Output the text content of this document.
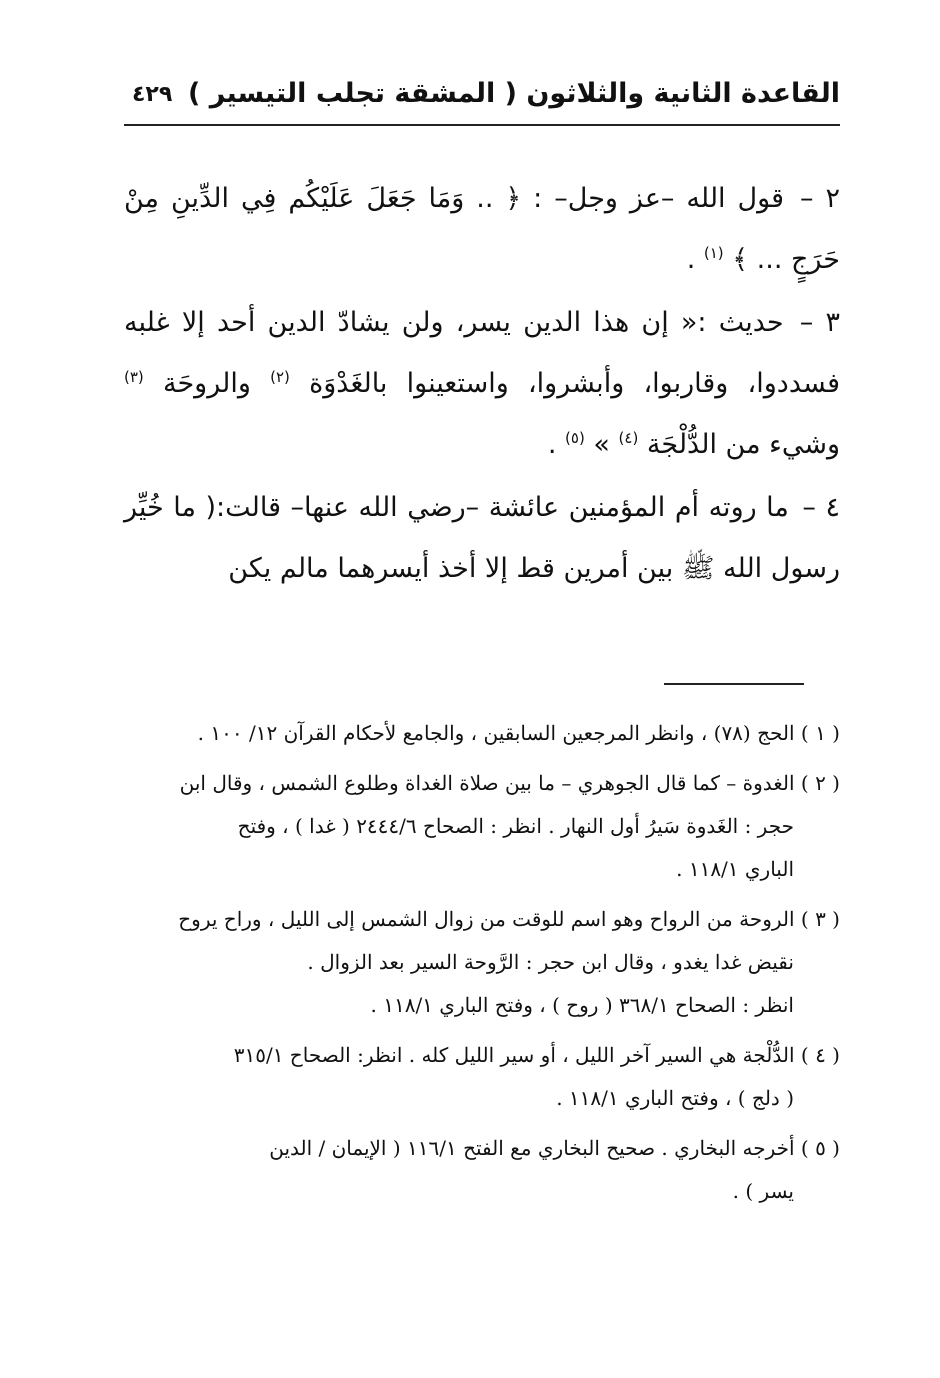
القاعدة الثانية والثلاثون ( المشقة تجلب التيسير )
٤٢٩

٢ – قول الله –عز وجل– : ﴿ .. وَمَا جَعَلَ عَلَيْكُم فِي الدِّينِ مِنْ حَرَجٍ ... ﴾ $^{(١)}$ .

٣ – حديث :« إن هذا الدين يسر، ولن يشادّ الدين أحد إلا غلبه فسددوا، وقاربوا، وأبشروا، واستعينوا بالغَدْوَة $^{(٢)}$ والروحَة $^{(٣)}$ وشيء من الدُّلْجَة $^{(٤)}$ » $^{(٥)}$ .

٤ – ما روته أم المؤمنين عائشة –رضي الله عنها– قالت:( ما خُيِّر رسول الله ﷺ بين أمرين قط إلا أخذ أيسرهما مالم يكن

( ١ ) الحج (٧٨) ، وانظر المرجعين السابقين ، والجامع لأحكام القرآن ١٢/ ١٠٠ .
( ٢ ) الغدوة – كما قال الجوهري – ما بين صلاة الغداة وطلوع الشمس ، وقال ابن
حجر : الغَدوة سَيرُ أول النهار . انظر : الصحاح ٢٤٤٤/٦ ( غدا ) ، وفتح
الباري ١١٨/١ .
( ٣ ) الروحة من الرواح وهو اسم للوقت من زوال الشمس إلى الليل ، وراح يروح
نقيض غدا يغدو ، وقال ابن حجر : الرَّوحة السير بعد الزوال .
انظر : الصحاح ٣٦٨/١ ( روح ) ، وفتح الباري ١١٨/١ .
( ٤ ) الدُّلْجة هي السير آخر الليل ، أو سير الليل كله . انظر: الصحاح ٣١٥/١
( دلج ) ، وفتح الباري ١١٨/١ .
( ٥ ) أخرجه البخاري . صحيح البخاري مع الفتح ١١٦/١ ( الإيمان / الدين
يسر ) .
